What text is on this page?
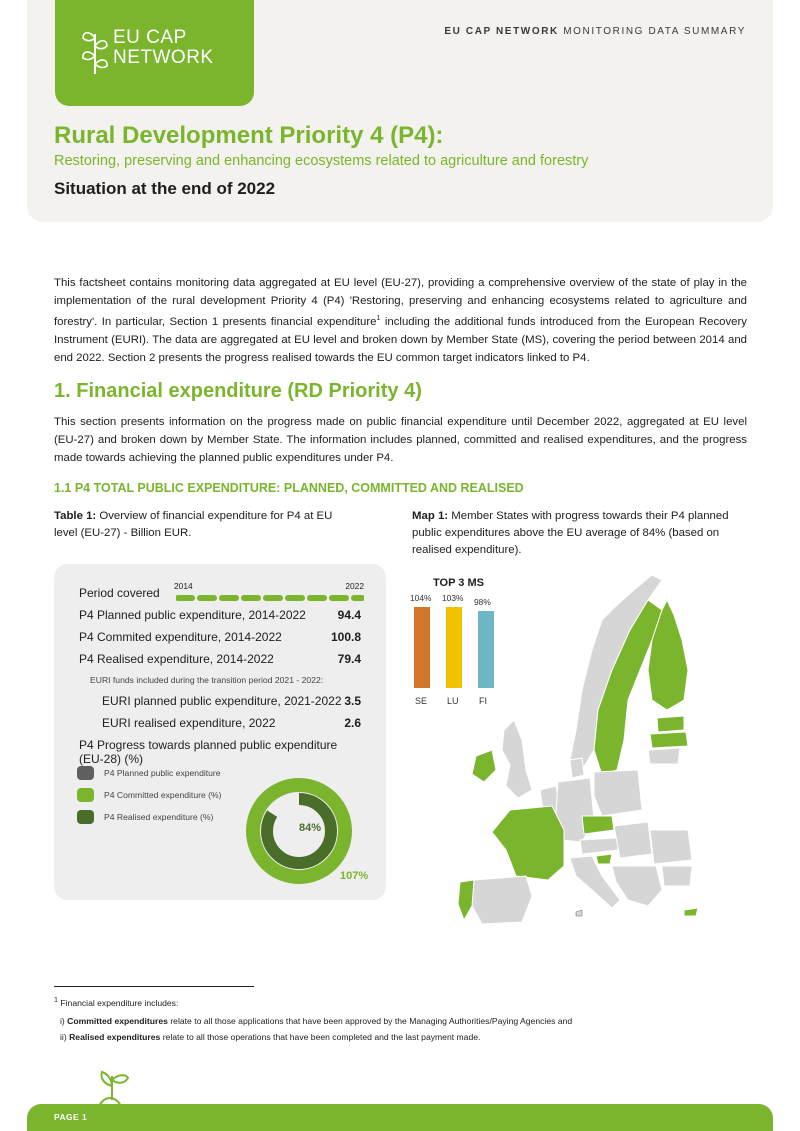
EU CAP
NETWORK
EU CAP NETWORK MONITORING DATA SUMMARY
Rural Development Priority 4 (P4):
Restoring, preserving and enhancing ecosystems related to agriculture and forestry
Situation at the end of 2022
This factsheet contains monitoring data aggregated at EU level (EU-27), providing a comprehensive overview of the state of play in the implementation of the rural development Priority 4 (P4) 'Restoring, preserving and enhancing ecosystems related to agriculture and forestry'. In particular, Section 1 presents financial expenditure$^1$ including the additional funds introduced from the European Recovery Instrument (EURI). The data are aggregated at EU level and broken down by Member State (MS), covering the period between 2014 and end 2022. Section 2 presents the progress realised towards the EU common target indicators linked to P4.
1. Financial expenditure (RD Priority 4)
This section presents information on the progress made on public financial expenditure until December 2022, aggregated at EU level (EU-27) and broken down by Member State. The information includes planned, committed and realised expenditures, and the progress made towards achieving the planned public expenditures under P4.
1.1 P4 TOTAL PUBLIC EXPENDITURE: PLANNED, COMMITTED AND REALISED
Table 1: Overview of financial expenditure for P4 at EU level (EU-27) - Billion EUR.
Map 1: Member States with progress towards their P4 planned public expenditures above the EU average of 84% (based on realised expenditure).
Period covered 2014	2022
P4 Planned public expenditure, 2014-2022	94.4
P4 Commited expenditure, 2014-2022	100.8
P4 Realised expenditure, 2014-2022	79.4
EURI funds included during the transition period 2021 - 2022:
EURI planned public expenditure, 2021-2022 3.5
EURI realised expenditure, 2022	2.6
P4 Progress towards planned public expenditure (EU-28) (%)
P4 Planned public expenditure
P4 Committed expenditure (%)
P4 Realised expenditure (%)
84%
107%
TOP 3 MS
104%
SE
103%
LU
98%
FI
$^1$ Financial expenditure includes:
i) Committed expenditures relate to all those applications that have been approved by the Managing Authorities/Paying Agencies and
ii) Realised expenditures relate to all those operations that have been completed and the last payment made.
PAGE 1
